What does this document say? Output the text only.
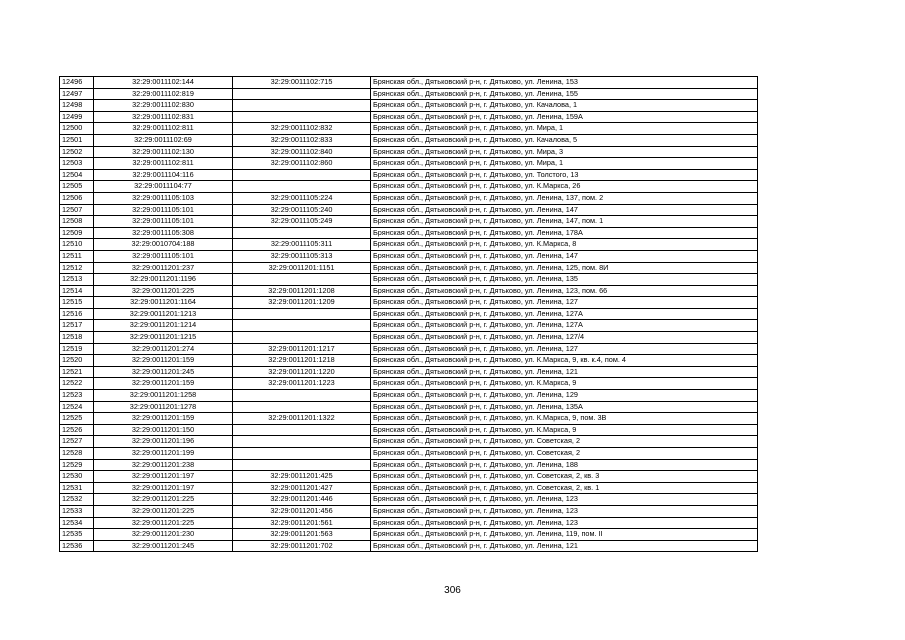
12496	32:29:0011102:144	32:29:0011102:715	Брянская обл., Дятьковский р-н, г. Дятьково, ул. Ленина, 153
12497	32:29:0011102:819		Брянская обл., Дятьковский р-н, г. Дятьково, ул. Ленина, 155
12498	32:29:0011102:830		Брянская обл., Дятьковский р-н, г. Дятьково, ул. Качалова, 1
12499	32:29:0011102:831		Брянская обл., Дятьковский р-н, г. Дятьково, ул. Ленина, 159А
12500	32:29:0011102:811	32:29:0011102:832	Брянская обл., Дятьковский р-н, г. Дятьково, ул. Мира, 1
12501	32:29:0011102:69	32:29:0011102:833	Брянская обл., Дятьковский р-н, г. Дятьково, ул. Качалова, 5
12502	32:29:0011102:130	32:29:0011102:840	Брянская обл., Дятьковский р-н, г. Дятьково, ул. Мира, 3
12503	32:29:0011102:811	32:29:0011102:860	Брянская обл., Дятьковский р-н, г. Дятьково, ул. Мира, 1
12504	32:29:0011104:116		Брянская обл., Дятьковский р-н, г. Дятьково, ул. Толстого, 13
12505	32:29:0011104:77		Брянская обл., Дятьковский р-н, г. Дятьково, ул. К.Маркса, 26
12506	32:29:0011105:103	32:29:0011105:224	Брянская обл., Дятьковский р-н, г. Дятьково, ул. Ленина, 137, пом. 2
12507	32:29:0011105:101	32:29:0011105:240	Брянская обл., Дятьковский р-н, г. Дятьково, ул. Ленина, 147
12508	32:29:0011105:101	32:29:0011105:249	Брянская обл., Дятьковский р-н, г. Дятьково, ул. Ленина, 147, пом. 1
12509	32:29:0011105:308		Брянская обл., Дятьковский р-н, г. Дятьково, ул. Ленина, 178А
12510	32:29:0010704:188	32:29:0011105:311	Брянская обл., Дятьковский р-н, г. Дятьково, ул. К.Маркса, 8
12511	32:29:0011105:101	32:29:0011105:313	Брянская обл., Дятьковский р-н, г. Дятьково, ул. Ленина, 147
12512	32:29:0011201:237	32:29:0011201:1151	Брянская обл., Дятьковский р-н, г. Дятьково, ул. Ленина, 125, пом. 8И
12513	32:29:0011201:1196		Брянская обл., Дятьковский р-н, г. Дятьково, ул. Ленина, 135
12514	32:29:0011201:225	32:29:0011201:1208	Брянская обл., Дятьковский р-н, г. Дятьково, ул. Ленина, 123, пом. 66
12515	32:29:0011201:1164	32:29:0011201:1209	Брянская обл., Дятьковский р-н, г. Дятьково, ул. Ленина, 127
12516	32:29:0011201:1213		Брянская обл., Дятьковский р-н, г. Дятьково, ул. Ленина, 127А
12517	32:29:0011201:1214		Брянская обл., Дятьковский р-н, г. Дятьково, ул. Ленина, 127А
12518	32:29:0011201:1215		Брянская обл., Дятьковский р-н, г. Дятьково, ул. Ленина, 127/4
12519	32:29:0011201:274	32:29:0011201:1217	Брянская обл., Дятьковский р-н, г. Дятьково, ул. Ленина, 127
12520	32:29:0011201:159	32:29:0011201:1218	Брянская обл., Дятьковский р-н, г. Дятьково, ул. К.Маркса, 9, кв. к.4, пом. 4
12521	32:29:0011201:245	32:29:0011201:1220	Брянская обл., Дятьковский р-н, г. Дятьково, ул. Ленина, 121
12522	32:29:0011201:159	32:29:0011201:1223	Брянская обл., Дятьковский р-н, г. Дятьково, ул. К.Маркса, 9
12523	32:29:0011201:1258		Брянская обл., Дятьковский р-н, г. Дятьково, ул. Ленина, 129
12524	32:29:0011201:1278		Брянская обл., Дятьковский р-н, г. Дятьково, ул. Ленина, 135А
12525	32:29:0011201:159	32:29:0011201:1322	Брянская обл., Дятьковский р-н, г. Дятьково, ул. К.Маркса, 9, пом. 3В
12526	32:29:0011201:150		Брянская обл., Дятьковский р-н, г. Дятьково, ул. К.Маркса, 9
12527	32:29:0011201:196		Брянская обл., Дятьковский р-н, г. Дятьково, ул. Советская, 2
12528	32:29:0011201:199		Брянская обл., Дятьковский р-н, г. Дятьково, ул. Советская, 2
12529	32:29:0011201:238		Брянская обл., Дятьковский р-н, г. Дятьково, ул. Ленина, 188
12530	32:29:0011201:197	32:29:0011201:425	Брянская обл., Дятьковский р-н, г. Дятьково, ул. Советская, 2, кв. 3
12531	32:29:0011201:197	32:29:0011201:427	Брянская обл., Дятьковский р-н, г. Дятьково, ул. Советская, 2, кв. 1
12532	32:29:0011201:225	32:29:0011201:446	Брянская обл., Дятьковский р-н, г. Дятьково, ул. Ленина, 123
12533	32:29:0011201:225	32:29:0011201:456	Брянская обл., Дятьковский р-н, г. Дятьково, ул. Ленина, 123
12534	32:29:0011201:225	32:29:0011201:561	Брянская обл., Дятьковский р-н, г. Дятьково, ул. Ленина, 123
12535	32:29:0011201:230	32:29:0011201:563	Брянская обл., Дятьковский р-н, г. Дятьково, ул. Ленина, 119, пом. II
12536	32:29:0011201:245	32:29:0011201:702	Брянская обл., Дятьковский р-н, г. Дятьково, ул. Ленина, 121
306
